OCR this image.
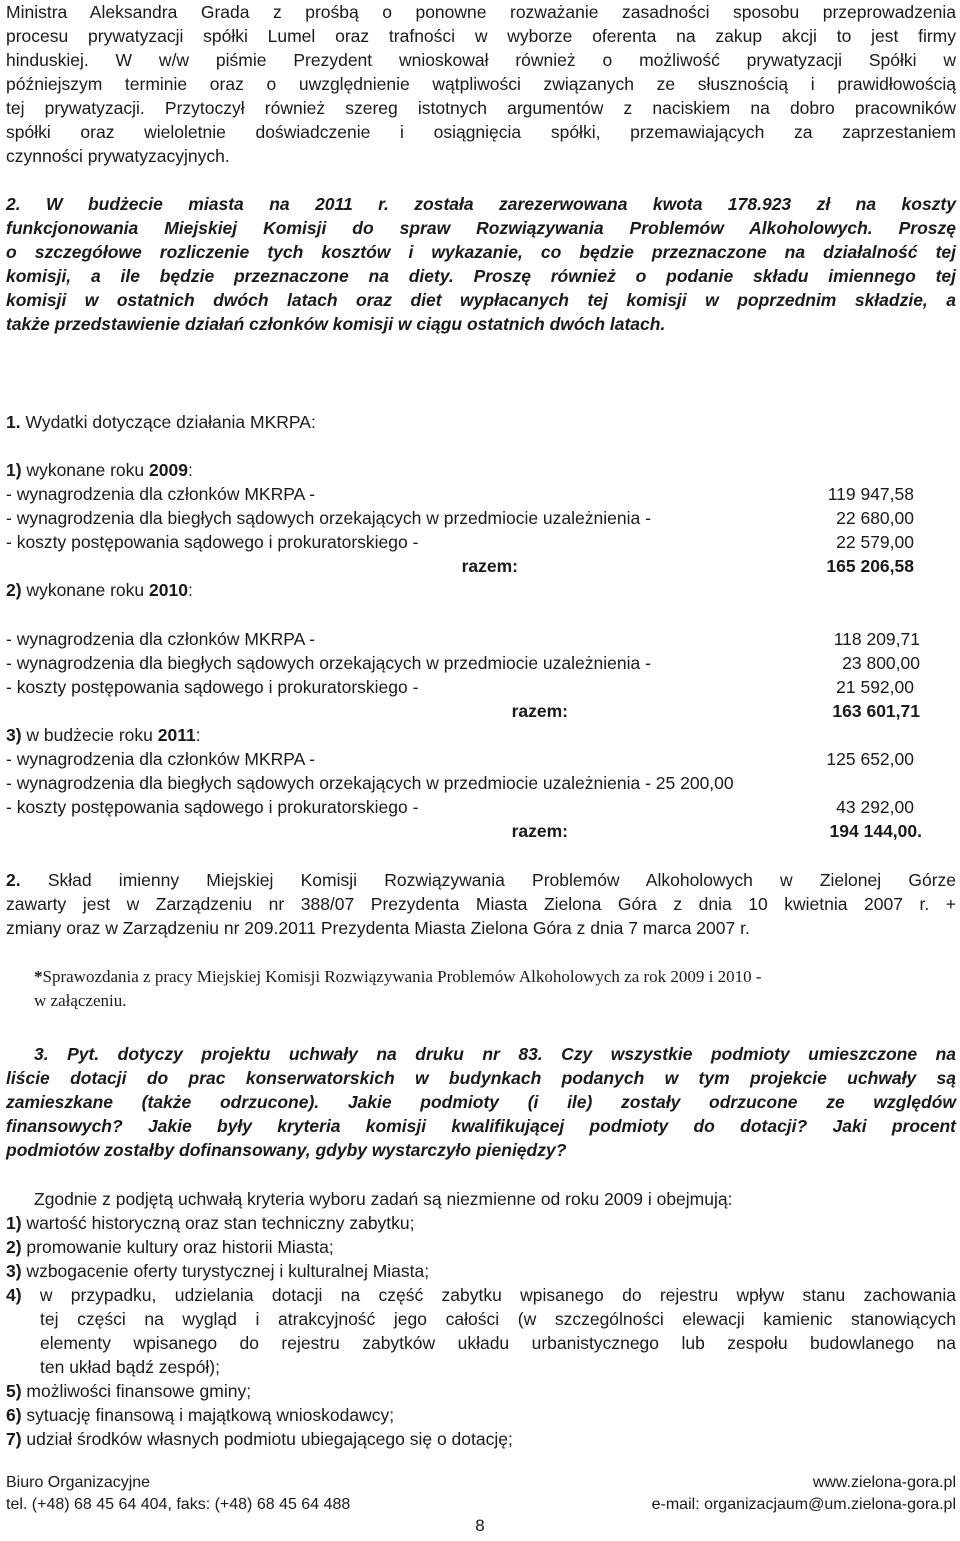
Ministra Aleksandra Grada z prośbą o ponowne rozważanie zasadności sposobu przeprowadzenia
procesu prywatyzacji spółki Lumel oraz trafności w wyborze oferenta na zakup akcji to jest firmy
hinduskiej. W w/w piśmie Prezydent wnioskował również o możliwość prywatyzacji Spółki w
późniejszym terminie oraz o uwzględnienie wątpliwości związanych ze słusznością i prawidłowością
tej prywatyzacji. Przytoczył również szereg istotnych argumentów z naciskiem na dobro pracowników
spółki oraz wieloletnie doświadczenie i osiągnięcia spółki, przemawiających za zaprzestaniem
czynności prywatyzacyjnych.
2. W budżecie miasta na 2011 r. została zarezerwowana kwota 178.923 zł na koszty
funkcjonowania Miejskiej Komisji do spraw Rozwiązywania Problemów Alkoholowych. Proszę
o szczegółowe rozliczenie tych kosztów i wykazanie, co będzie przeznaczone na działalność tej
komisji, a ile będzie przeznaczone na diety. Proszę również o podanie składu imiennego tej
komisji w ostatnich dwóch latach oraz diet wypłacanych tej komisji w poprzednim składzie, a
także przedstawienie działań członków komisji w ciągu ostatnich dwóch latach.
1. Wydatki dotyczące działania MKRPA:
1) wykonane roku 2009:
- wynagrodzenia dla członków MKRPA -	119 947,58
- wynagrodzenia dla biegłych sądowych orzekających w przedmiocie uzależnienia -	22 680,00
- koszty postępowania sądowego i prokuratorskiego -	22 579,00
razem:	165 206,58
2) wykonane roku 2010:
- wynagrodzenia dla członków MKRPA -	118 209,71
- wynagrodzenia dla biegłych sądowych orzekających w przedmiocie uzależnienia -	23 800,00
- koszty postępowania sądowego i prokuratorskiego -	21 592,00
razem:	163 601,71
3) w budżecie roku 2011:
- wynagrodzenia dla członków MKRPA -	125 652,00
- wynagrodzenia dla biegłych sądowych orzekających w przedmiocie uzależnienia - 25 200,00
- koszty postępowania sądowego i prokuratorskiego -	43 292,00
razem:	194 144,00.
2. Skład imienny Miejskiej Komisji Rozwiązywania Problemów Alkoholowych w Zielonej Górze
zawarty jest w Zarządzeniu nr 388/07 Prezydenta Miasta Zielona Góra z dnia 10 kwietnia 2007 r. +
zmiany oraz w Zarządzeniu nr 209.2011 Prezydenta Miasta Zielona Góra z dnia 7 marca 2007 r.
*Sprawozdania z pracy Miejskiej Komisji Rozwiązywania Problemów Alkoholowych za rok 2009 i 2010 -
w załączeniu.
3. Pyt. dotyczy projektu uchwały na druku nr 83. Czy wszystkie podmioty umieszczone na
liście dotacji do prac konserwatorskich w budynkach podanych w tym projekcie uchwały są
zamieszkane (także odrzucone). Jakie podmioty (i ile) zostały odrzucone ze względów
finansowych? Jakie były kryteria komisji kwalifikującej podmioty do dotacji? Jaki procent
podmiotów zostałby dofinansowany, gdyby wystarczyło pieniędzy?
Zgodnie z podjętą uchwałą kryteria wyboru zadań są niezmienne od roku 2009 i obejmują:
1) wartość historyczną oraz stan techniczny zabytku;
2) promowanie kultury oraz historii Miasta;
3) wzbogacenie oferty turystycznej i kulturalnej Miasta;
4) w przypadku, udzielania dotacji na część zabytku wpisanego do rejestru wpływ stanu zachowania
tej części na wygląd i atrakcyjność jego całości (w szczególności elewacji kamienic stanowiących
elementy wpisanego do rejestru zabytków układu urbanistycznego lub zespołu budowlanego na
ten układ bądź zespół);
5) możliwości finansowe gminy;
6) sytuację finansową i majątkową wnioskodawcy;
7) udział środków własnych podmiotu ubiegającego się o dotację;
Biuro Organizacyjne	www.zielona-gora.pl
tel. (+48) 68 45 64 404, faks: (+48) 68 45 64 488	e-mail: organizacjaum@um.zielona-gora.pl
8
